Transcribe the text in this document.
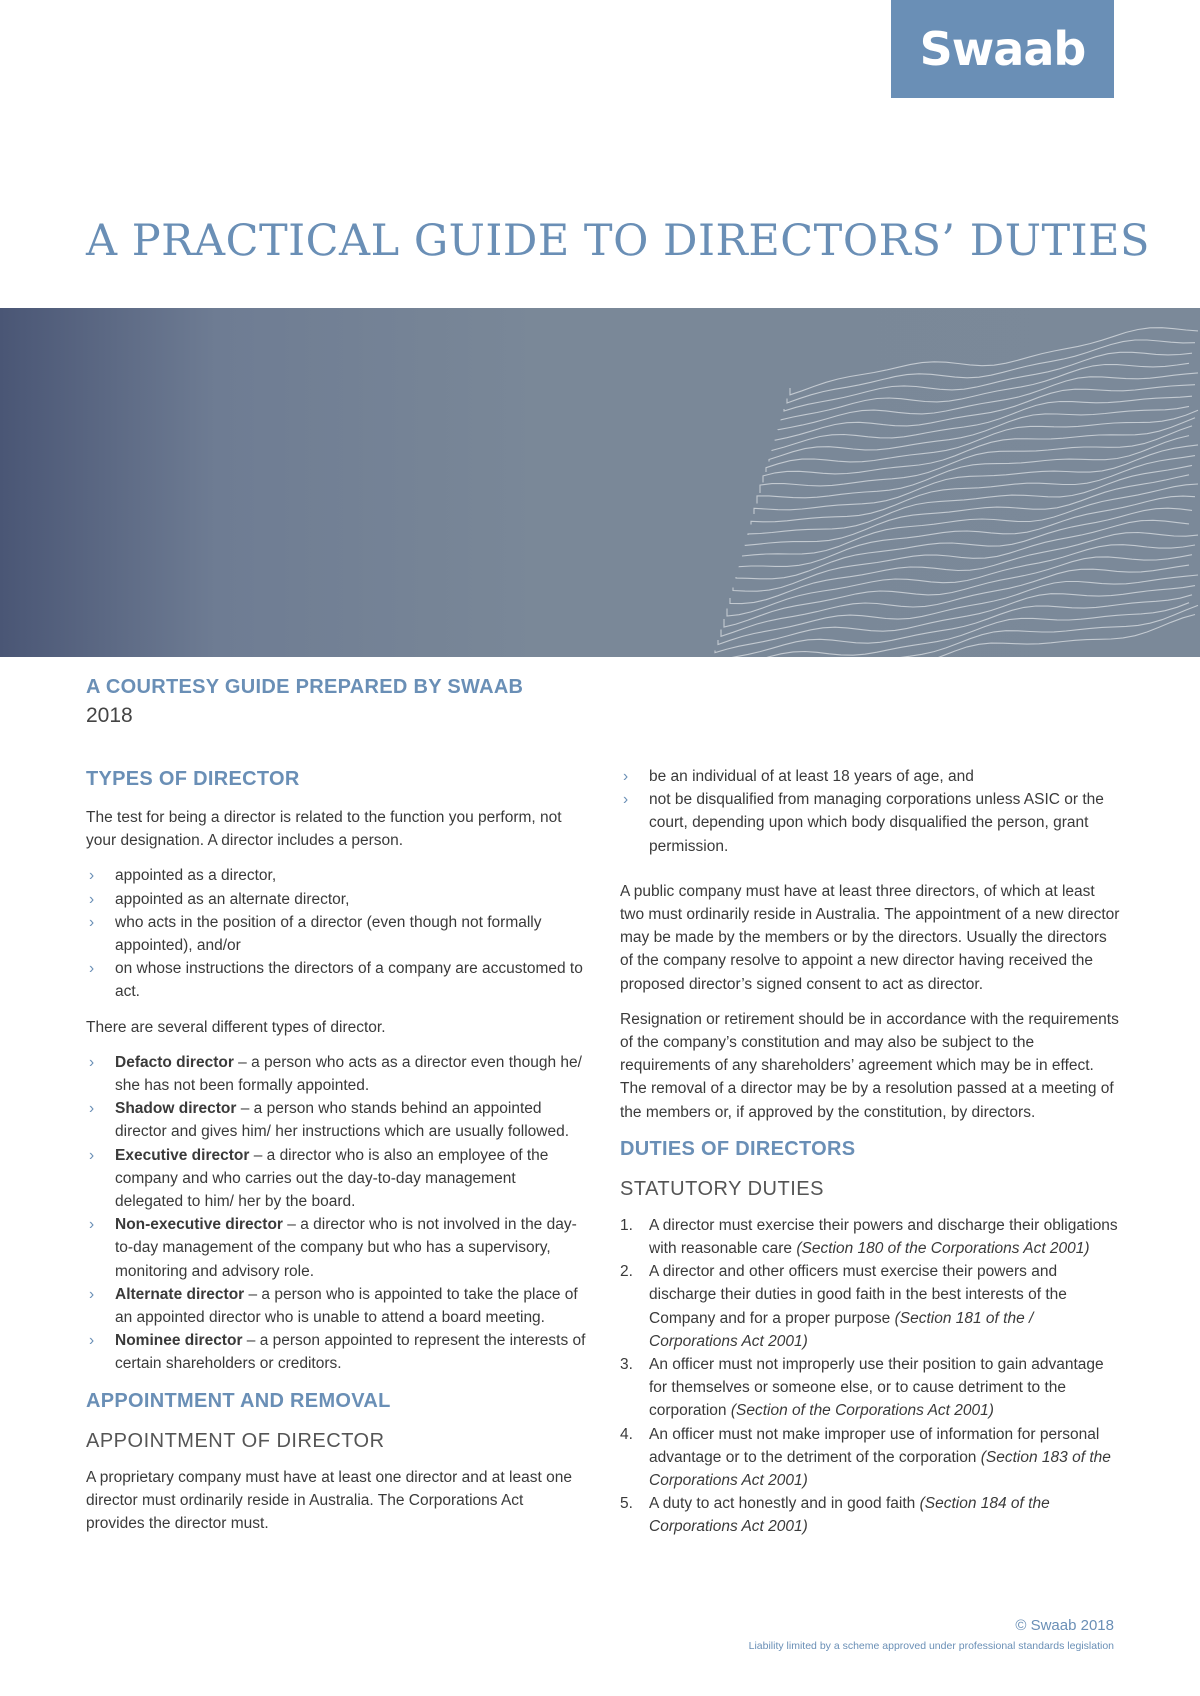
Swaab
A PRACTICAL GUIDE TO DIRECTORS’ DUTIES
A COURTESY GUIDE PREPARED BY SWAAB
2018
TYPES OF DIRECTOR

The test for being a director is related to the function you perform, not your designation. A director includes a person.

› appointed as a director,
› appointed as an alternate director,
› who acts in the position of a director (even though not formally appointed), and/or
› on whose instructions the directors of a company are accustomed to act.

There are several different types of director.

› Defacto director – a person who acts as a director even though he/ she has not been formally appointed.
› Shadow director – a person who stands behind an appointed director and gives him/ her instructions which are usually followed.
› Executive director – a director who is also an employee of the company and who carries out the day-to-day management delegated to him/ her by the board.
› Non-executive director – a director who is not involved in the day-to-day management of the company but who has a supervisory, monitoring and advisory role.
› Alternate director – a person who is appointed to take the place of an appointed director who is unable to attend a board meeting.
› Nominee director – a person appointed to represent the interests of certain shareholders or creditors.
APPOINTMENT AND REMOVAL
APPOINTMENT OF DIRECTOR

A proprietary company must have at least one director and at least one director must ordinarily reside in Australia. The Corporations Act provides the director must.

› be an individual of at least 18 years of age, and
› not be disqualified from managing corporations unless ASIC or the court, depending upon which body disqualified the person, grant permission.

A public company must have at least three directors, of which at least two must ordinarily reside in Australia. The appointment of a new director may be made by the members or by the directors. Usually the directors of the company resolve to appoint a new director having received the proposed director’s signed consent to act as director.

Resignation or retirement should be in accordance with the requirements of the company’s constitution and may also be subject to the requirements of any shareholders’ agreement which may be in effect. The removal of a director may be by a resolution passed at a meeting of the members or, if approved by the constitution, by directors.

DUTIES OF DIRECTORS
STATUTORY DUTIES
1. A director must exercise their powers and discharge their obligations with reasonable care (Section 180 of the Corporations Act 2001)
2. A director and other officers must exercise their powers and discharge their duties in good faith in the best interests of the Company and for a proper purpose (Section 181 of the / Corporations Act 2001)
3. An officer must not improperly use their position to gain advantage for themselves or someone else, or to cause detriment to the corporation (Section of the Corporations Act 2001)
4. An officer must not make improper use of information for personal advantage or to the detriment of the corporation (Section 183 of the Corporations Act 2001)
5. A duty to act honestly and in good faith (Section 184 of the Corporations Act 2001)
© Swaab 2018
Liability limited by a scheme approved under professional standards legislation
